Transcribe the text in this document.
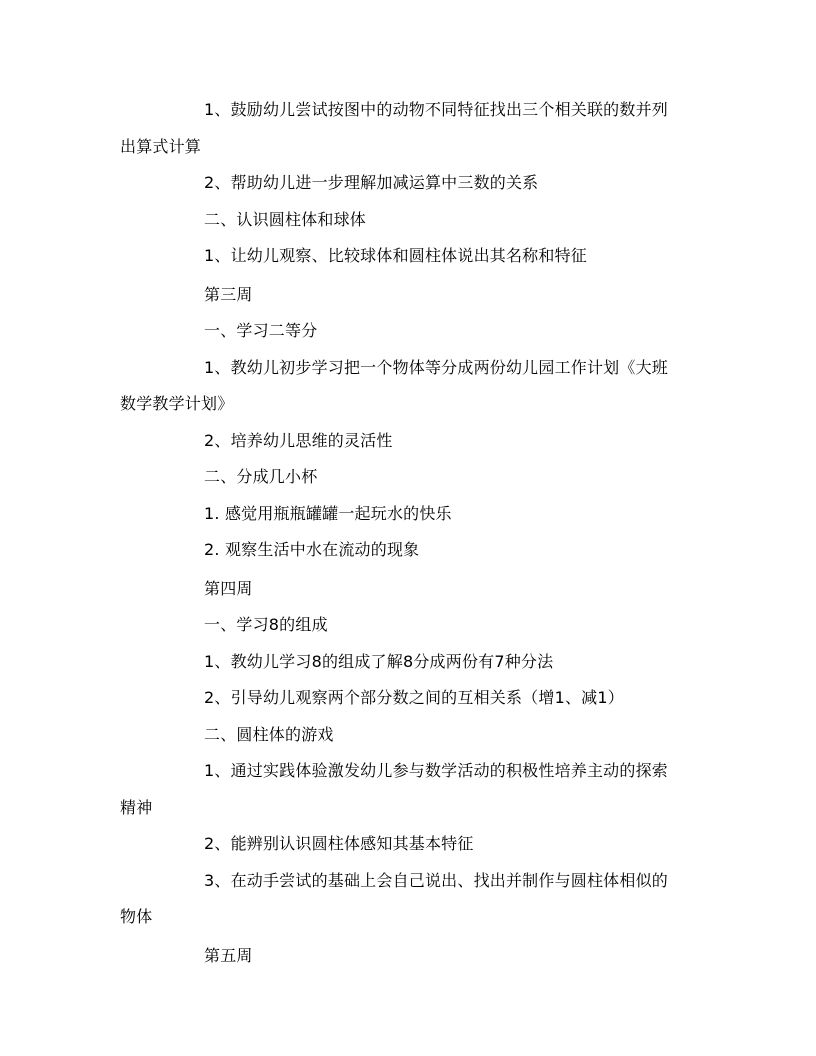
1、鼓励幼儿尝试按图中的动物不同特征找出三个相关联的数并列出算式计算

2、帮助幼儿进一步理解加减运算中三数的关系

二、认识圆柱体和球体

1、让幼儿观察、比较球体和圆柱体说出其名称和特征

第三周

一、学习二等分

1、教幼儿初步学习把一个物体等分成两份幼儿园工作计划《大班数学教学计划》

2、培养幼儿思维的灵活性

二、分成几小杯

1. 感觉用瓶瓶罐罐一起玩水的快乐

2. 观察生活中水在流动的现象

第四周

一、学习8的组成

1、教幼儿学习8的组成了解8分成两份有7种分法

2、引导幼儿观察两个部分数之间的互相关系（增1、减1）

二、圆柱体的游戏

1、通过实践体验激发幼儿参与数学活动的积极性培养主动的探索精神

2、能辨别认识圆柱体感知其基本特征

3、在动手尝试的基础上会自己说出、找出并制作与圆柱体相似的物体

第五周
